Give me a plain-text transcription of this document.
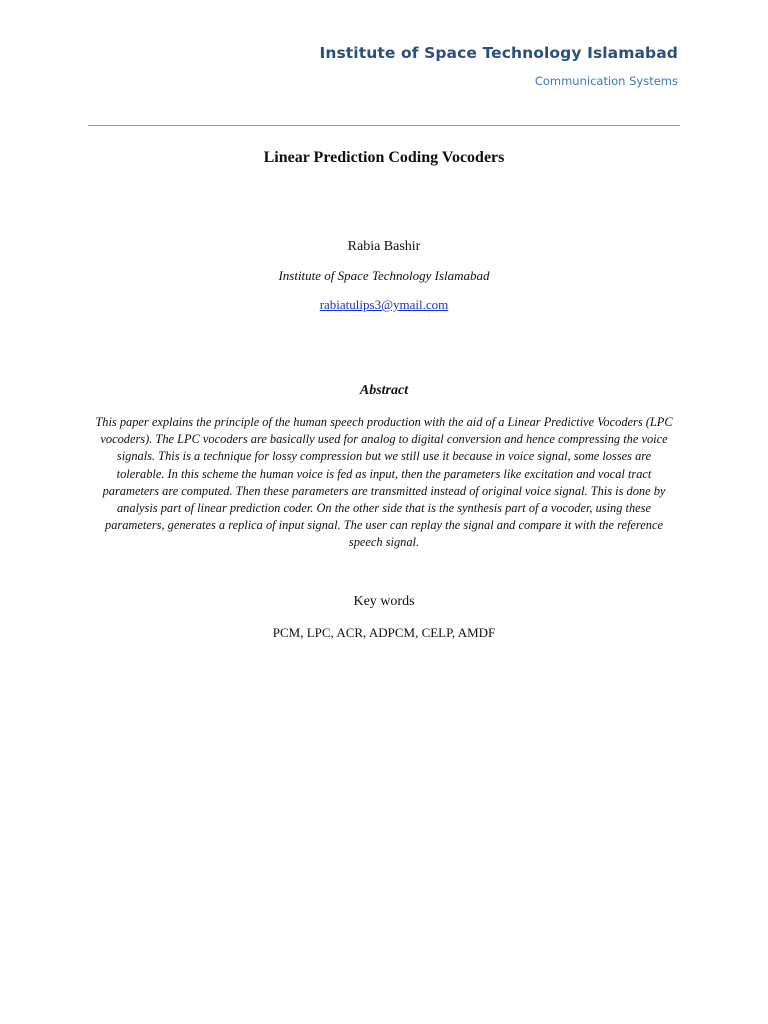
Institute of Space Technology Islamabad
Communication Systems
Linear Prediction Coding Vocoders
Rabia Bashir
Institute of Space Technology Islamabad
rabiatulips3@ymail.com
Abstract
This paper explains the principle of the human speech production with the aid of a Linear Predictive Vocoders (LPC vocoders). The LPC vocoders are basically used for analog to digital conversion and hence compressing the voice signals. This is a technique for lossy compression but we still use it because in voice signal, some losses are tolerable. In this scheme the human voice is fed as input, then the parameters like excitation and vocal tract parameters are computed. Then these parameters are transmitted instead of original voice signal. This is done by analysis part of linear prediction coder. On the other side that is the synthesis part of a vocoder, using these parameters, generates a replica of input signal. The user can replay the signal and compare it with the reference speech signal.
Key words
PCM, LPC, ACR, ADPCM, CELP, AMDF
